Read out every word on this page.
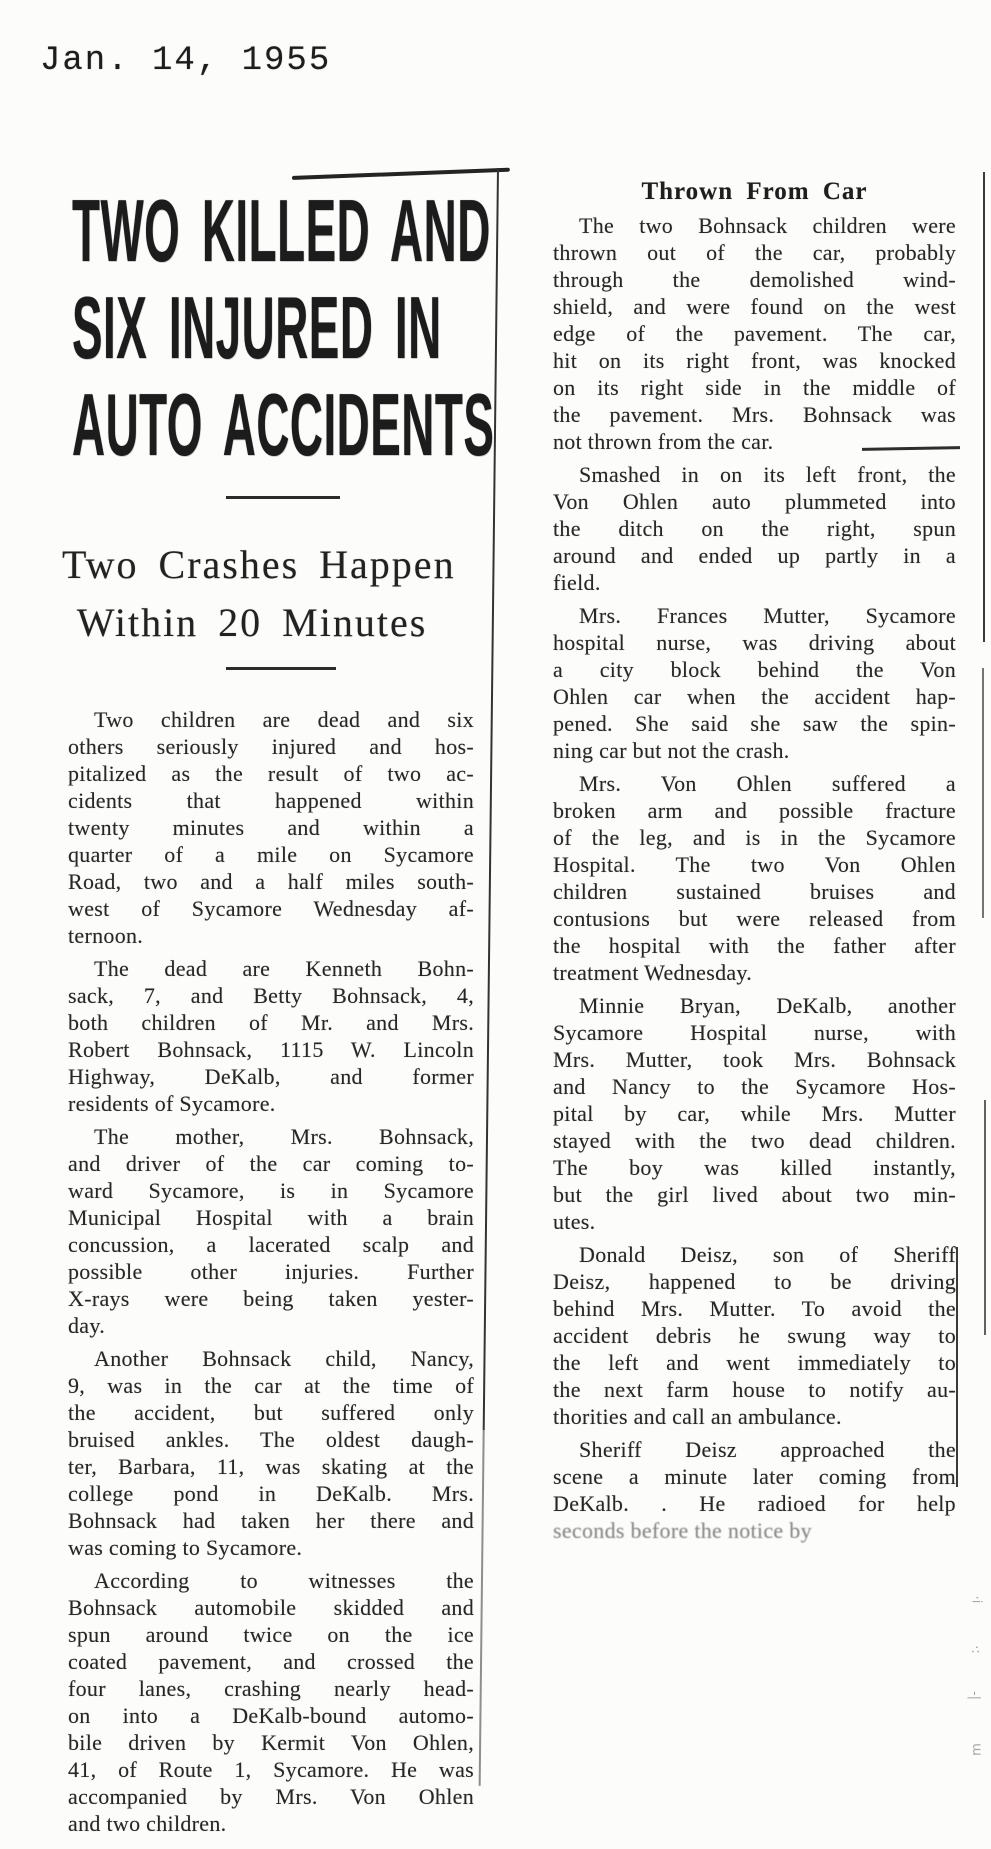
Jan. 14, 1955
TWO KILLED AND
SIX INJURED IN
AUTO ACCIDENTS
Two Crashes Happen
Within 20 Minutes
Two children are dead and six
others seriously injured and hos-
pitalized as the result of two ac-
cidents that happened within
twenty minutes and within a
quarter of a mile on Sycamore
Road, two and a half miles south-
west of Sycamore Wednesday af-
ternoon.
The dead are Kenneth Bohn-
sack, 7, and Betty Bohnsack, 4,
both children of Mr. and Mrs.
Robert Bohnsack, 1115 W. Lincoln
Highway, DeKalb, and former
residents of Sycamore.
The mother, Mrs. Bohnsack,
and driver of the car coming to-
ward Sycamore, is in Sycamore
Municipal Hospital with a brain
concussion, a lacerated scalp and
possible other injuries. Further
X-rays were being taken yester-
day.
Another Bohnsack child, Nancy,
9, was in the car at the time of
the accident, but suffered only
bruised ankles. The oldest daugh-
ter, Barbara, 11, was skating at the
college pond in DeKalb. Mrs.
Bohnsack had taken her there and
was coming to Sycamore.
According to witnesses the
Bohnsack automobile skidded and
spun around twice on the ice
coated pavement, and crossed the
four lanes, crashing nearly head-
on into a DeKalb-bound automo-
bile driven by Kermit Von Ohlen,
41, of Route 1, Sycamore. He was
accompanied by Mrs. Von Ohlen
and two children.
Thrown From Car
The two Bohnsack children were
thrown out of the car, probably
through the demolished wind-
shield, and were found on the west
edge of the pavement. The car,
hit on its right front, was knocked
on its right side in the middle of
the pavement. Mrs. Bohnsack was
not thrown from the car.
Smashed in on its left front, the
Von Ohlen auto plummeted into
the ditch on the right, spun
around and ended up partly in a
field.
Mrs. Frances Mutter, Sycamore
hospital nurse, was driving about
a city block behind the Von
Ohlen car when the accident hap-
pened. She said she saw the spin-
ning car but not the crash.
Mrs. Von Ohlen suffered a
broken arm and possible fracture
of the leg, and is in the Sycamore
Hospital. The two Von Ohlen
children sustained bruises and
contusions but were released from
the hospital with the father after
treatment Wednesday.
Minnie Bryan, DeKalb, another
Sycamore Hospital nurse, with
Mrs. Mutter, took Mrs. Bohnsack
and Nancy to the Sycamore Hos-
pital by car, while Mrs. Mutter
stayed with the two dead children.
The boy was killed instantly,
but the girl lived about two min-
utes.
Donald Deisz, son of Sheriff
Deisz, happened to be driving
behind Mrs. Mutter. To avoid the
accident debris he swung way to
the left and went immediately to
the next farm house to notify au-
thorities and call an ambulance.
Sheriff Deisz approached the
scene a minute later coming from
DeKalb. . He radioed for help
seconds before the notice by
·i
·:
-|
ɯ
